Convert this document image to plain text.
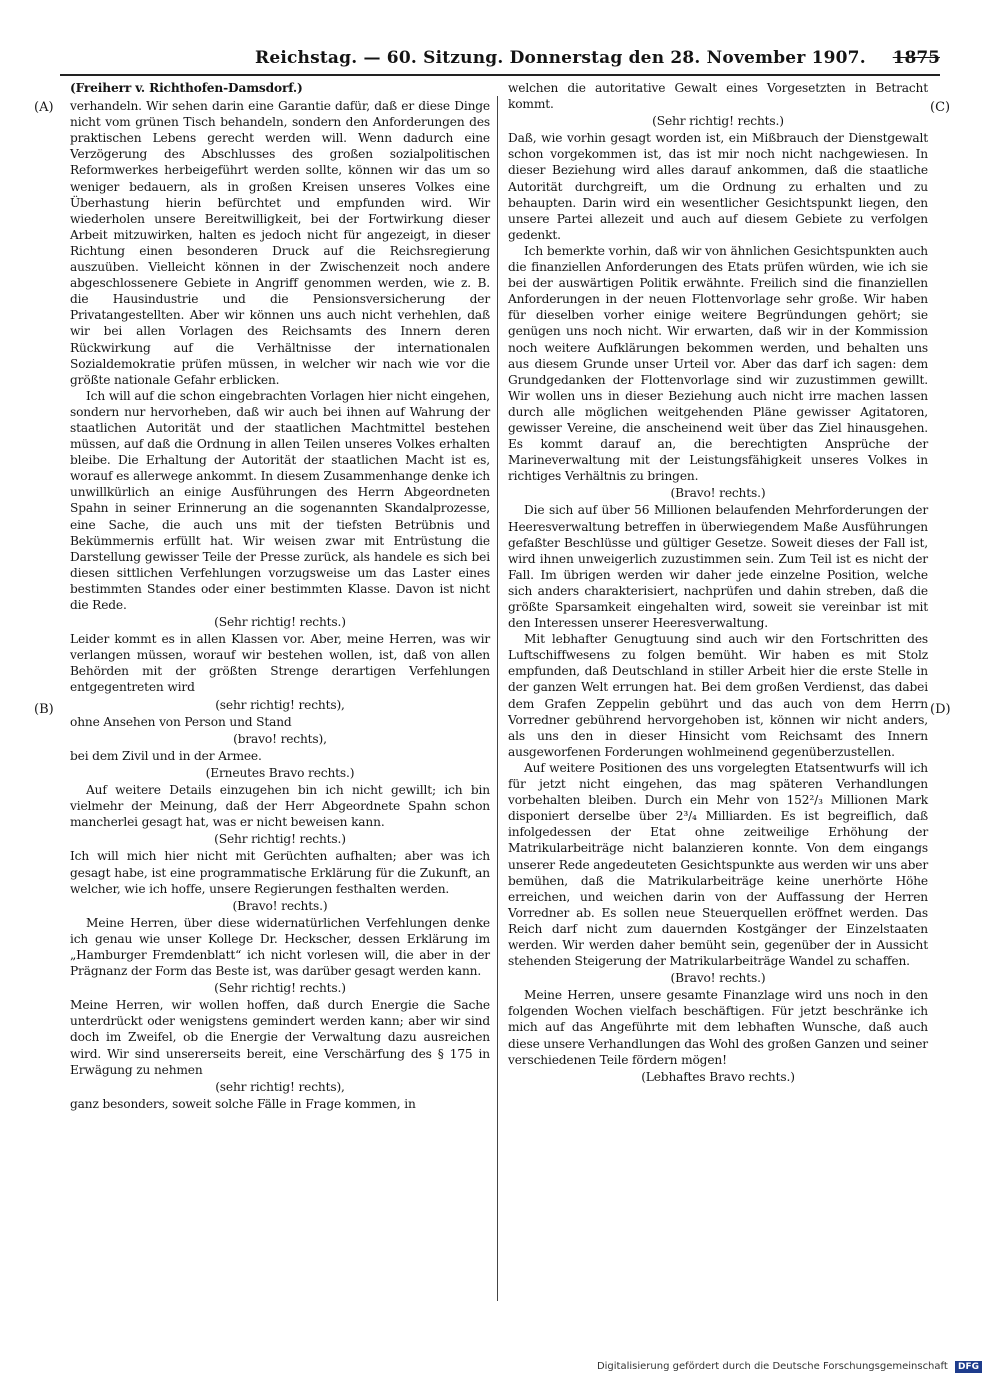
Reichstag. — 60. Sitzung. Donnerstag den 28. November 1907. 1875
(A)
(B)
(C)
(D)

(Freiherr v. Richthofen-Damsdorf.)

verhandeln. Wir sehen darin eine Garantie dafür, daß er diese Dinge nicht vom grünen Tisch behandeln, sondern den Anforderungen des praktischen Lebens gerecht werden will. Wenn dadurch eine Verzögerung des Abschlusses des großen sozialpolitischen Reformwerkes herbeigeführt werden sollte, können wir das um so weniger bedauern, als in großen Kreisen unseres Volkes eine Überhastung hierin befürchtet und empfunden wird. Wir wiederholen unsere Bereitwilligkeit, bei der Fortwirkung dieser Arbeit mitzuwirken, halten es jedoch nicht für angezeigt, in dieser Richtung einen besonderen Druck auf die Reichsregierung auszuüben. Vielleicht können in der Zwischenzeit noch andere abgeschlossenere Gebiete in Angriff genommen werden, wie z. B. die Hausindustrie und die Pensionsversicherung der Privatangestellten. Aber wir können uns auch nicht verhehlen, daß wir bei allen Vorlagen des Reichsamts des Innern deren Rückwirkung auf die Verhältnisse der internationalen Sozialdemokratie prüfen müssen, in welcher wir nach wie vor die größte nationale Gefahr erblicken.

Ich will auf die schon eingebrachten Vorlagen hier nicht eingehen, sondern nur hervorheben, daß wir auch bei ihnen auf Wahrung der staatlichen Autorität und der staatlichen Machtmittel bestehen müssen, auf daß die Ordnung in allen Teilen unseres Volkes erhalten bleibe. Die Erhaltung der Autorität der staatlichen Macht ist es, worauf es allerwege ankommt. In diesem Zusammenhange denke ich unwillkürlich an einige Ausführungen des Herrn Abgeordneten Spahn in seiner Erinnerung an die sogenannten Skandalprozesse, eine Sache, die auch uns mit der tiefsten Betrübnis und Bekümmernis erfüllt hat. Wir weisen zwar mit Entrüstung die Darstellung gewisser Teile der Presse zurück, als handele es sich bei diesen sittlichen Verfehlungen vorzugsweise um das Laster eines bestimmten Standes oder einer bestimmten Klasse. Davon ist nicht die Rede.

(Sehr richtig! rechts.)

Leider kommt es in allen Klassen vor. Aber, meine Herren, was wir verlangen müssen, worauf wir bestehen wollen, ist, daß von allen Behörden mit der größten Strenge derartigen Verfehlungen entgegentreten wird

(sehr richtig! rechts),

ohne Ansehen von Person und Stand

(bravo! rechts),

bei dem Zivil und in der Armee.

(Erneutes Bravo rechts.)

Auf weitere Details einzugehen bin ich nicht gewillt; ich bin vielmehr der Meinung, daß der Herr Abgeordnete Spahn schon mancherlei gesagt hat, was er nicht beweisen kann.

(Sehr richtig! rechts.)

Ich will mich hier nicht mit Gerüchten aufhalten; aber was ich gesagt habe, ist eine programmatische Erklärung für die Zukunft, an welcher, wie ich hoffe, unsere Regierungen festhalten werden.

(Bravo! rechts.)

Meine Herren, über diese widernatürlichen Verfehlungen denke ich genau wie unser Kollege Dr. Heckscher, dessen Erklärung im „Hamburger Fremdenblatt“ ich nicht vorlesen will, die aber in der Prägnanz der Form das Beste ist, was darüber gesagt werden kann.

(Sehr richtig! rechts.)

Meine Herren, wir wollen hoffen, daß durch Energie die Sache unterdrückt oder wenigstens gemindert werden kann; aber wir sind doch im Zweifel, ob die Energie der Verwaltung dazu ausreichen wird. Wir sind unsererseits bereit, eine Verschärfung des § 175 in Erwägung zu nehmen

(sehr richtig! rechts),

ganz besonders, soweit solche Fälle in Frage kommen, in

welchen die autoritative Gewalt eines Vorgesetzten in Betracht kommt.

(Sehr richtig! rechts.)

Daß, wie vorhin gesagt worden ist, ein Mißbrauch der Dienstgewalt schon vorgekommen ist, das ist mir noch nicht nachgewiesen. In dieser Beziehung wird alles darauf ankommen, daß die staatliche Autorität durchgreift, um die Ordnung zu erhalten und zu behaupten. Darin wird ein wesentlicher Gesichtspunkt liegen, den unsere Partei allezeit und auch auf diesem Gebiete zu verfolgen gedenkt.

Ich bemerkte vorhin, daß wir von ähnlichen Gesichtspunkten auch die finanziellen Anforderungen des Etats prüfen würden, wie ich sie bei der auswärtigen Politik erwähnte. Freilich sind die finanziellen Anforderungen in der neuen Flottenvorlage sehr große. Wir haben für dieselben vorher einige weitere Begründungen gehört; sie genügen uns noch nicht. Wir erwarten, daß wir in der Kommission noch weitere Aufklärungen bekommen werden, und behalten uns aus diesem Grunde unser Urteil vor. Aber das darf ich sagen: dem Grundgedanken der Flottenvorlage sind wir zuzustimmen gewillt. Wir wollen uns in dieser Beziehung auch nicht irre machen lassen durch alle möglichen weitgehenden Pläne gewisser Agitatoren, gewisser Vereine, die anscheinend weit über das Ziel hinausgehen. Es kommt darauf an, die berechtigten Ansprüche der Marineverwaltung mit der Leistungsfähigkeit unseres Volkes in richtiges Verhältnis zu bringen.

(Bravo! rechts.)

Die sich auf über 56 Millionen belaufenden Mehrforderungen der Heeresverwaltung betreffen in überwiegendem Maße Ausführungen gefaßter Beschlüsse und gültiger Gesetze. Soweit dieses der Fall ist, wird ihnen unweigerlich zuzustimmen sein. Zum Teil ist es nicht der Fall. Im übrigen werden wir daher jede einzelne Position, welche sich anders charakterisiert, nachprüfen und dahin streben, daß die größte Sparsamkeit eingehalten wird, soweit sie vereinbar ist mit den Interessen unserer Heeresverwaltung.

Mit lebhafter Genugtuung sind auch wir den Fortschritten des Luftschiffwesens zu folgen bemüht. Wir haben es mit Stolz empfunden, daß Deutschland in stiller Arbeit hier die erste Stelle in der ganzen Welt errungen hat. Bei dem großen Verdienst, das dabei dem Grafen Zeppelin gebührt und das auch von dem Herrn Vorredner gebührend hervorgehoben ist, können wir nicht anders, als uns den in dieser Hinsicht vom Reichsamt des Innern ausgeworfenen Forderungen wohlmeinend gegenüberzustellen.

Auf weitere Positionen des uns vorgelegten Etatsentwurfs will ich für jetzt nicht eingehen, das mag späteren Verhandlungen vorbehalten bleiben. Durch ein Mehr von 152²/₃ Millionen Mark disponiert derselbe über 2³/₄ Milliarden. Es ist begreiflich, daß infolgedessen der Etat ohne zeitweilige Erhöhung der Matrikularbeiträge nicht balanzieren konnte. Von dem eingangs unserer Rede angedeuteten Gesichtspunkte aus werden wir uns aber bemühen, daß die Matrikularbeiträge keine unerhörte Höhe erreichen, und weichen darin von der Auffassung der Herren Vorredner ab. Es sollen neue Steuerquellen eröffnet werden. Das Reich darf nicht zum dauernden Kostgänger der Einzelstaaten werden. Wir werden daher bemüht sein, gegenüber der in Aussicht stehenden Steigerung der Matrikularbeiträge Wandel zu schaffen.

(Bravo! rechts.)

Meine Herren, unsere gesamte Finanzlage wird uns noch in den folgenden Wochen vielfach beschäftigen. Für jetzt beschränke ich mich auf das Angeführte mit dem lebhaften Wunsche, daß auch diese unsere Verhandlungen das Wohl des großen Ganzen und seiner verschiedenen Teile fördern mögen!

(Lebhaftes Bravo rechts.)

Digitalisierung gefördert durch die Deutsche Forschungsgemeinschaft DFG
